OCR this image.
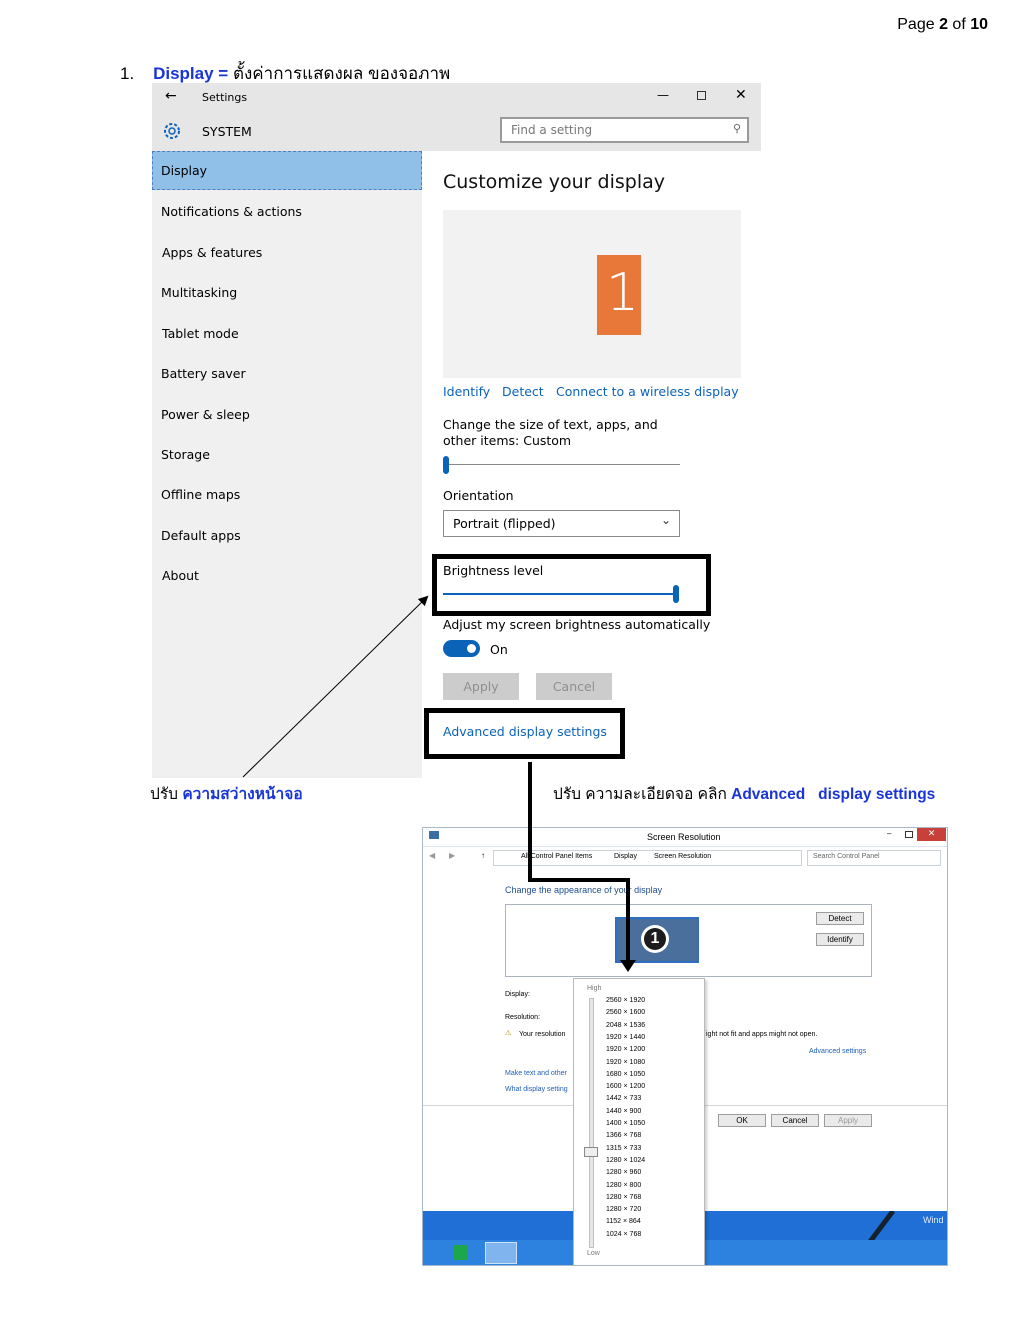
Page 2 of 10
1. Display = ตั้งค่าการแสดงผล ของจอภาพ
← Settings	—	✕
SYSTEM	Find a setting	⚲
Display
Notifications & actions
Apps & features
Multitasking
Tablet mode
Battery saver
Power & sleep
Storage
Offline maps
Default apps
About
Customize your display
1
Identify Detect Connect to a wireless display
Change the size of text, apps, and other items: Custom
Orientation
Portrait (flipped)	⌄
Brightness level
Adjust my screen brightness automatically
On
Apply	Cancel
Advanced display settings
ปรับ ความสว่างหน้าจอ	ปรับ ความละเอียดจอ คลิก Advanced   display settings
Screen Resolution	–	✕
◀ ▶	↑	All Control Panel Items	Display Screen Resolution	Search Control Panel
Change the appearance of your display
1
Detect
Identify
Display:
Resolution:
⚠ Your resolution	ight not fit and apps might not open.
Advanced settings
Make text and other
What display setting
OK	Cancel	Apply
Wind
High
Low
2560 × 1920
2560 × 1600
2048 × 1536
1920 × 1440
1920 × 1200
1920 × 1080
1680 × 1050
1600 × 1200
1442 × 733
1440 × 900
1400 × 1050
1366 × 768
1315 × 733
1280 × 1024
1280 × 960
1280 × 800
1280 × 768
1280 × 720
1152 × 864
1024 × 768
